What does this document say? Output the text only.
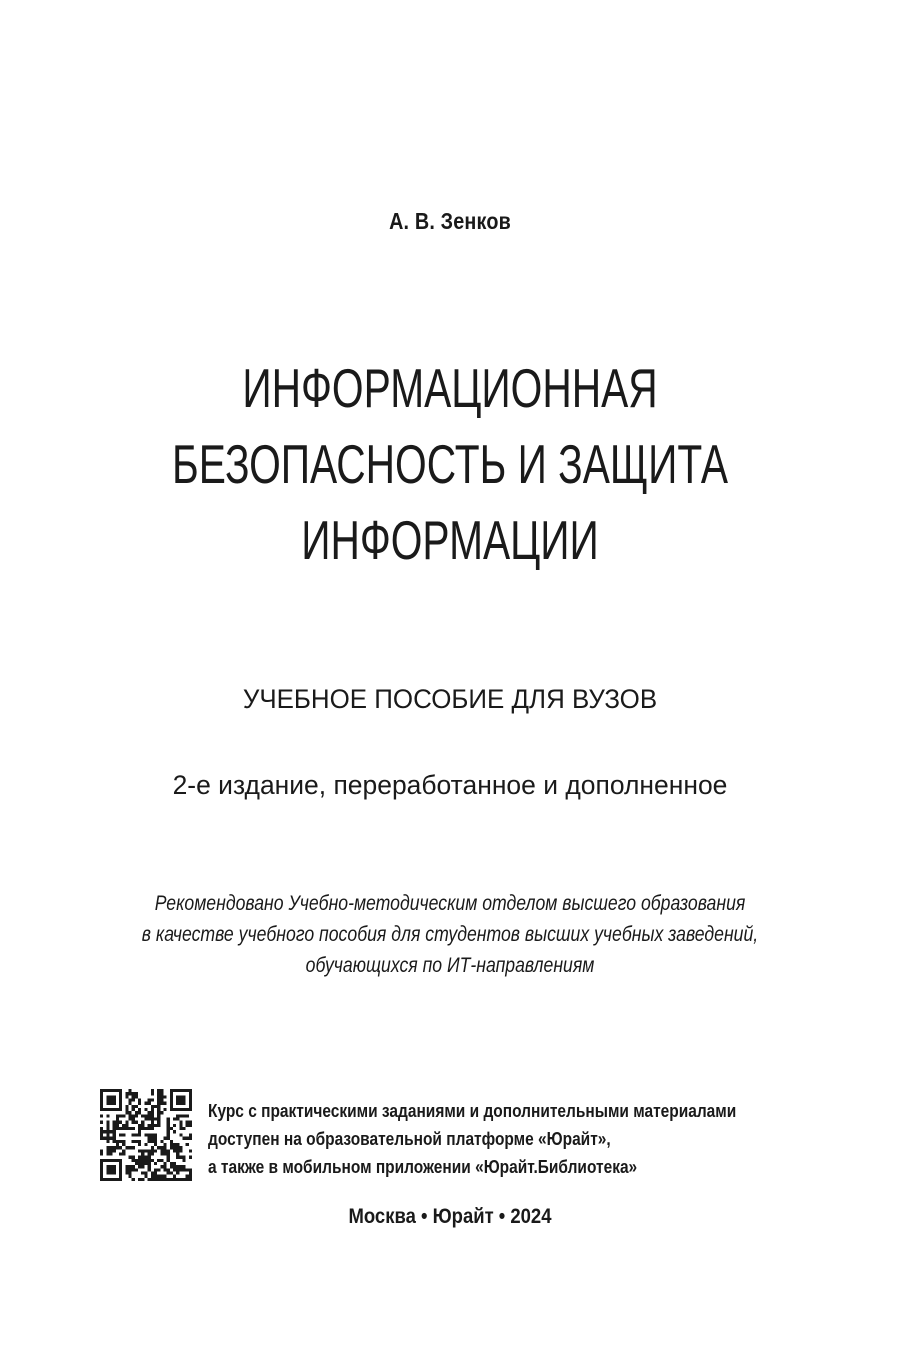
А. В. Зенков
ИНФОРМАЦИОННАЯ
БЕЗОПАСНОСТЬ И ЗАЩИТА
ИНФОРМАЦИИ
УЧЕБНОЕ ПОСОБИЕ ДЛЯ ВУЗОВ
2-е издание, переработанное и дополненное
Рекомендовано Учебно-методическим отделом высшего образования
в качестве учебного пособия для студентов высших учебных заведений,
обучающихся по ИТ-направлениям
Курс с практическими заданиями и дополнительными материалами
доступен на образовательной платформе «Юрайт»,
а также в мобильном приложении «Юрайт.Библиотека»
Москва • Юрайт • 2024
